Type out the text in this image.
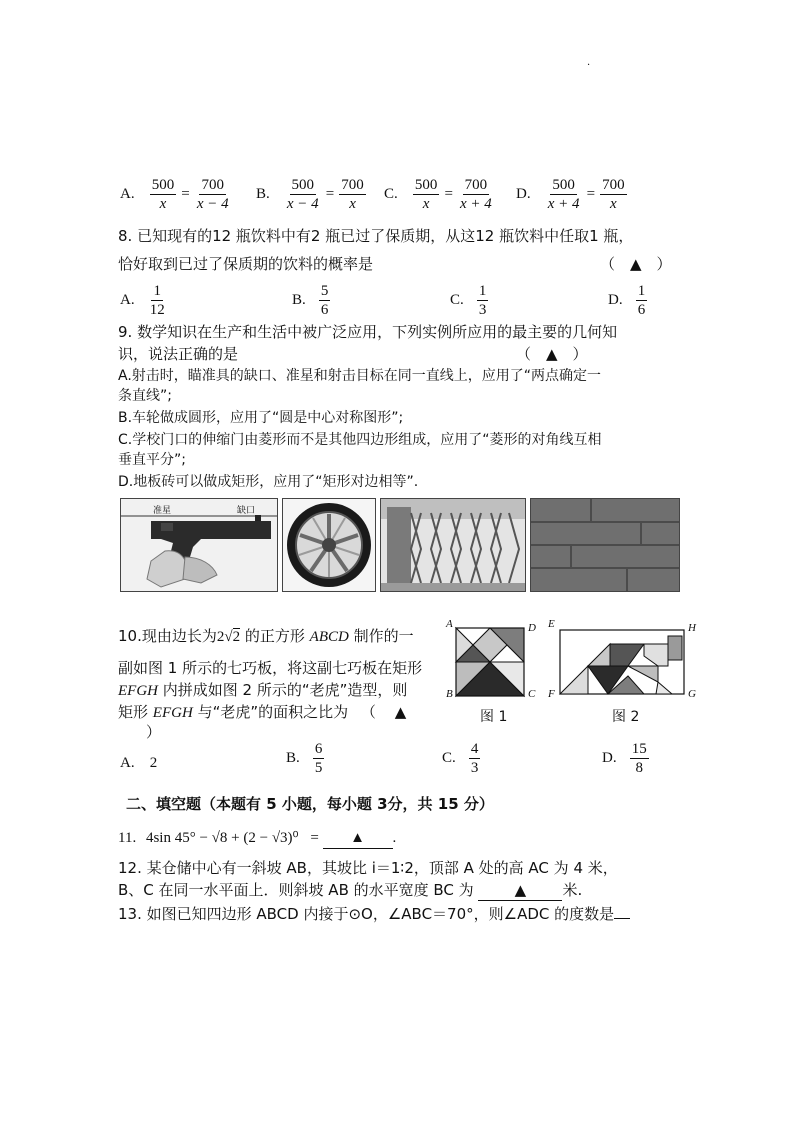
·
A. $\frac{500}{x} = \frac{700}{x - 4} B$. $\frac{500}{x - 4} = \frac{700}{x} C$. $\frac{500}{x} = \frac{700}{x + 4} D$. $\frac{500}{x + 4} = \frac{700}{x}$
8. 已知现有的12 瓶饮料中有2 瓶已过了保质期，从这12 瓶饮料中任取1 瓶，
恰好取到已过了保质期的饮料的概率是	（　▲　）
A. $\frac{1}{12}$	B. $\frac{5}{6}$	C. $\frac{1}{3}$	D. $\frac{1}{6}$
9. 数学知识在生产和生活中被广泛应用，下列实例所应用的最主要的几何知
识，说法正确的是	（　▲　）
A.射击时，瞄准具的缺口、准星和射击目标在同一直线上，应用了“两点确定一
条直线”;
B.车轮做成圆形，应用了“圆是中心对称图形”;
C.学校门口的伸缩门由菱形而不是其他四边形组成，应用了“菱形的对角线互相
垂直平分”;
D.地板砖可以做成矩形，应用了“矩形对边相等”.
准星	缺口
10.现由边长为2√2 的正方形 ABCD 制作的一
副如图 1 所示的七巧板，将这副七巧板在矩形
EFGH 内拼成如图 2 所示的“老虎”造型，则
矩形 EFGH 与“老虎”的面积之比为 （ ▲
）
A	D
B	C
图 1
E	H
F	G
图 2
A. 2	B. $\frac{6}{5}$	C. $\frac{4}{3}$	D. $\frac{15}{8}$
二、填空题（本题有 5 小题，每小题 3分，共 15 分）
11. 4sin 45° − √8 + (2 − √3)⁰ = ▲ .
12. 某仓储中心有一斜坡 AB，其坡比 i＝1∶2，顶部 A 处的高 AC 为 4 米，
B、C 在同一水平面上．则斜坡 AB 的水平宽度 BC 为	▲ 米.
13. 如图已知四边形 ABCD 内接于⊙O，∠ABC＝70°，则∠ADC 的度数是
